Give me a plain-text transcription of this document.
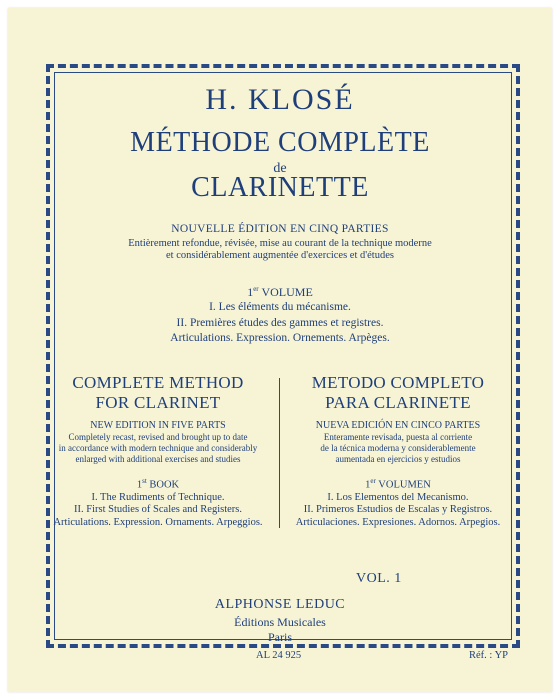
H. KLOSÉ
MÉTHODE COMPLÈTE
de
CLARINETTE
NOUVELLE ÉDITION EN CINQ PARTIES
Entièrement refondue, révisée, mise au courant de la technique moderne
et considérablement augmentée d'exercices et d'études
1er VOLUME
I. Les éléments du mécanisme.
II. Premières études des gammes et registres.
Articulations. Expression. Ornements. Arpèges.
COMPLETE METHOD
FOR CLARINET
NEW EDITION IN FIVE PARTS
Completely recast, revised and brought up to date
in accordance with modern technique and considerably
enlarged with additional exercises and studies
1st BOOK
I. The Rudiments of Technique.
II. First Studies of Scales and Registers.
Articulations. Expression. Ornaments. Arpeggios.
METODO COMPLETO
PARA CLARINETE
NUEVA EDICIÓN EN CINCO PARTES
Enteramente revisada, puesta al corriente
de la técnica moderna y considerablemente
aumentada en ejercicios y estudios
1er VOLUMEN
I. Los Elementos del Mecanismo.
II. Primeros Estudios de Escalas y Registros.
Articulaciones. Expresiones. Adornos. Arpegios.
VOL. 1
ALPHONSE LEDUC
Éditions Musicales
Paris
AL 24 925	Réf. : YP
